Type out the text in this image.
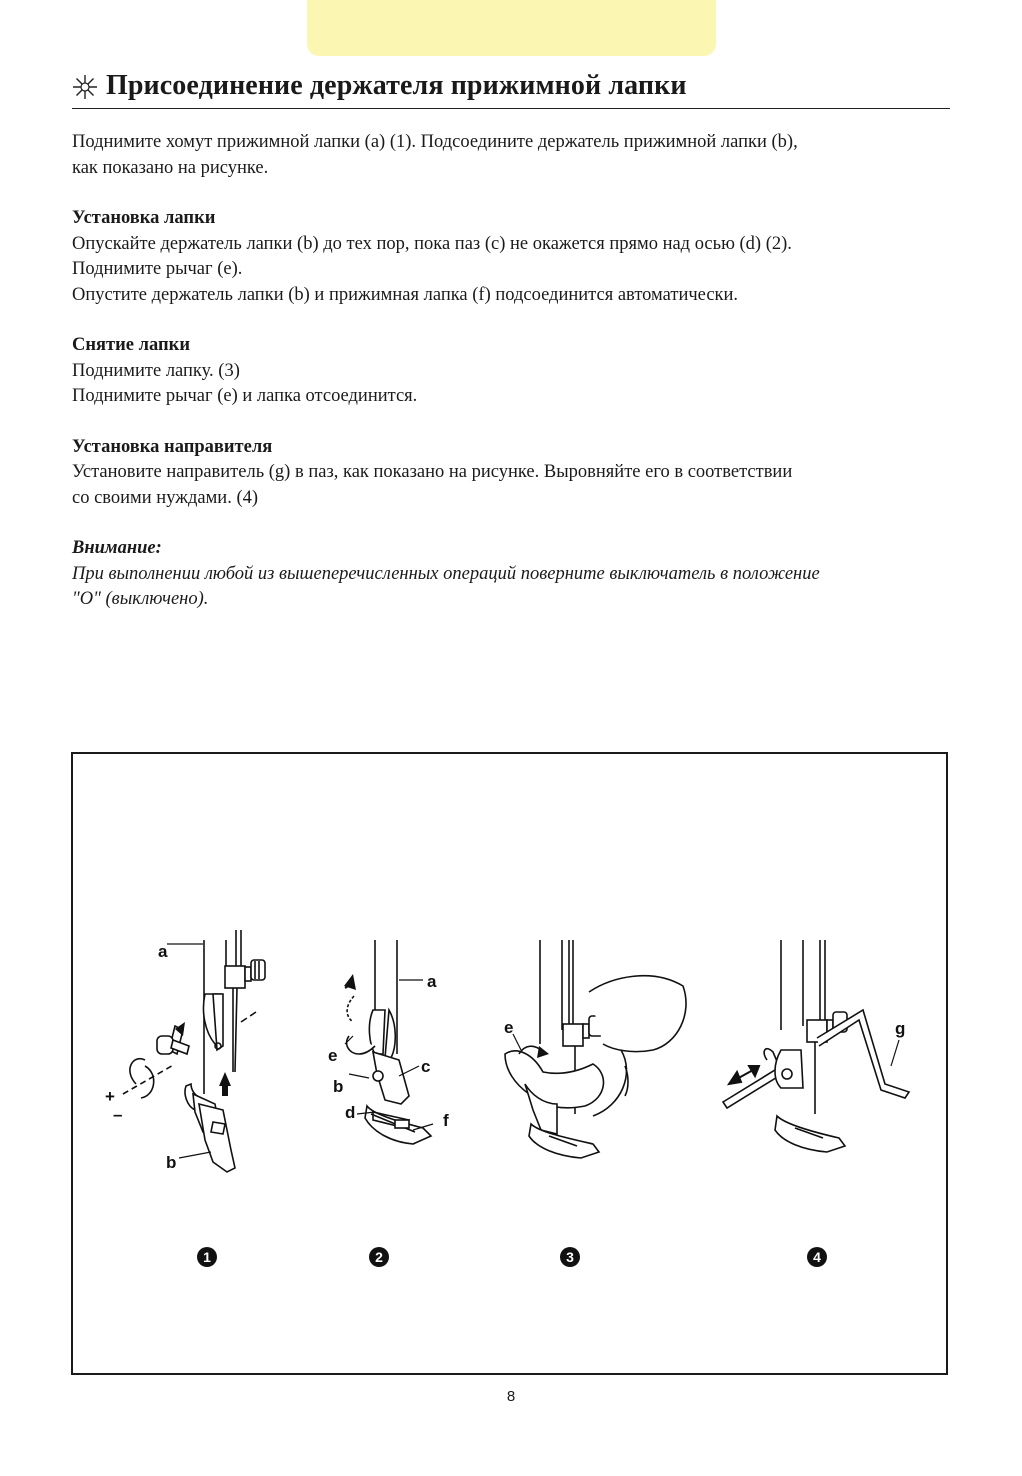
Присоединение держателя прижимной лапки

Поднимите хомут прижимной лапки (a) (1). Подсоедините держатель прижимной лапки (b),

как показано на рисунке.

Установка лапки

Опускайте держатель лапки (b) до тех пор, пока паз (c) не окажется прямо над осью (d) (2).

Поднимите рычаг (e).

Опустите держатель лапки (b) и прижимная лапка (f) подсоединится автоматически.

Снятие лапки

Поднимите лапку. (3)

Поднимите рычаг (e) и лапка отсоединится.

Установка направителя

Установите направитель (g) в паз, как показано на рисунке. Выровняйте его в соответствии

со своими нуждами. (4)

Внимание:

При выполнении любой из вышеперечисленных операций поверните выключатель в положение

"O" (выключено).

a
+
–
b
a
e
c
b
d	f
e	g
1	2	3	4
8
